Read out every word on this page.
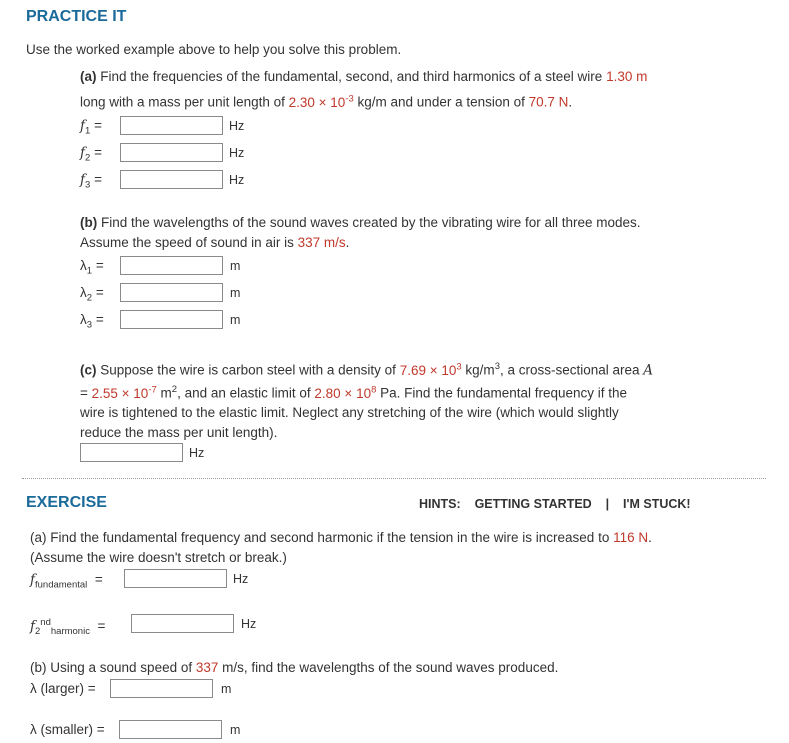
PRACTICE IT
Use the worked example above to help you solve this problem.
(a) Find the frequencies of the fundamental, second, and third harmonics of a steel wire 1.30 m
long with a mass per unit length of $2.30 \times 10^{-3}$ kg/m and under a tension of 70.7 N.
$f_1$ =	Hz
$f_2$ =	Hz
$f_3$ =	Hz
(b) Find the wavelengths of the sound waves created by the vibrating wire for all three modes.
Assume the speed of sound in air is 337 m/s.
$\lambda_1$ =	m
$\lambda_2$ =	m
$\lambda_3$ =	m
(c) Suppose the wire is carbon steel with a density of $7.69 \times 10^3$ $kg/m^3$, a cross-sectional area A
= $2.55 \times 10^{-7}$ $m^2$, and an elastic limit of $2.80 \times 10^8$ Pa. Find the fundamental frequency if the
wire is tightened to the elastic limit. Neglect any stretching of the wire (which would slightly
reduce the mass per unit length).
Hz
EXERCISE	HINTS: GETTING STARTED | I'M STUCK!
(a) Find the fundamental frequency and second harmonic if the tension in the wire is increased to 116 N.
(Assume the wire doesn't stretch or break.)
$f_{fundamental}$ =	Hz
$f_2^{nd}_{harmonic}$ =	Hz
(b) Using a sound speed of 337 m/s, find the wavelengths of the sound waves produced.
λ (larger) =	m
λ (smaller) =	m
